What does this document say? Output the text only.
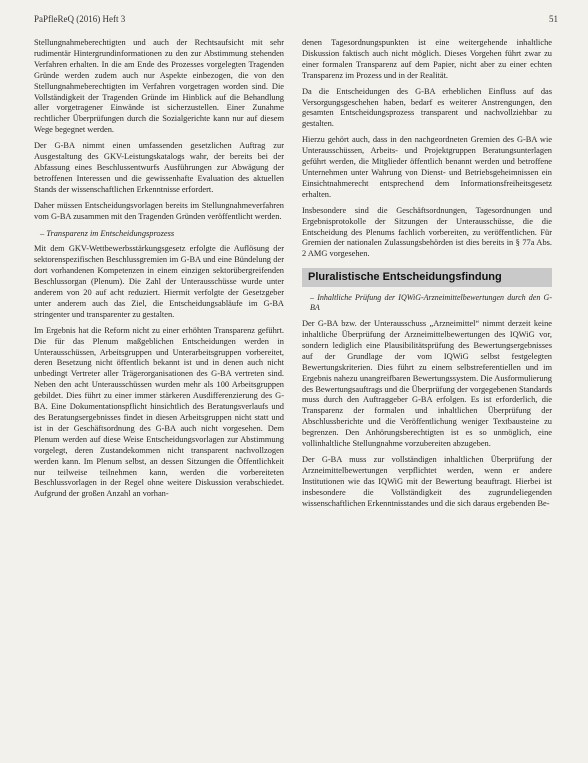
PaPfleReQ (2016) Heft 3	51

Stellungnahmeberechtigten und auch der Rechtsaufsicht mit sehr rudimentär Hintergrundinformationen zu den zur Abstimmung stehenden Verfahren erhalten. In die am Ende des Prozesses vorgelegten Tragenden Gründe werden zudem auch nur Aspekte einbezogen, die von den Stellungnahmeberechtigten im Verfahren vorgetragen worden sind. Die Vollständigkeit der Tragenden Gründe im Hinblick auf die Behandlung aller vorgetragener Einwände ist sicherzustellen. Einer Zunahme rechtlicher Überprüfungen durch die Sozialgerichte kann nur auf diesem Wege begegnet werden.

Der G-BA nimmt einen umfassenden gesetzlichen Auftrag zur Ausgestaltung des GKV-Leistungskatalogs wahr, der bereits bei der Abfassung eines Beschlussentwurfs Ausführungen zur Abwägung der betroffenen Interessen und die gewissenhafte Evaluation des aktuellen Stands der wissenschaftlichen Erkenntnisse erfordert.

Daher müssen Entscheidungsvorlagen bereits im Stellungnahmeverfahren vom G-BA zusammen mit den Tragenden Gründen veröffentlicht werden.

– Transparenz im Entscheidungsprozess

Mit dem GKV-Wettbewerbsstärkungsgesetz erfolgte die Auflösung der sektorenspezifischen Beschlussgremien im G-BA und eine Bündelung der dort vorhandenen Kompetenzen in einem einzigen sektorübergreifenden Beschlussorgan (Plenum). Die Zahl der Unterausschüsse wurde unter anderem von 20 auf acht reduziert. Hiermit verfolgte der Gesetzgeber unter anderem auch das Ziel, die Entscheidungsabläufe im G-BA stringenter und transparenter zu gestalten.

Im Ergebnis hat die Reform nicht zu einer erhöhten Transparenz geführt. Die für das Plenum maßgeblichen Entscheidungen werden in Unterausschüssen, Arbeitsgruppen und Unterarbeitsgruppen vorbereitet, deren Besetzung nicht öffentlich bekannt ist und in denen auch nicht unbedingt Vertreter aller Trägerorganisationen des G-BA vertreten sind. Neben den acht Unterausschüssen wurden mehr als 100 Arbeitsgruppen gebildet. Dies führt zu einer immer stärkeren Ausdifferenzierung des G-BA. Eine Dokumentationspflicht hinsichtlich des Beratungsverlaufs und des Beratungsergebnisses findet in diesen Arbeitsgruppen nicht statt und ist in der Geschäftsordnung des G-BA auch nicht vorgesehen. Dem Plenum werden auf diese Weise Entscheidungsvorlagen zur Abstimmung vorgelegt, deren Zustandekommen nicht transparent nachvollzogen werden kann. Im Plenum selbst, an dessen Sitzungen die Öffentlichkeit nur teilweise teilnehmen kann, werden die vorbereiteten Beschlussvorlagen in der Regel ohne weitere Diskussion verabschiedet. Aufgrund der großen Anzahl an vorhan-

denen Tagesordnungspunkten ist eine weitergehende inhaltliche Diskussion faktisch auch nicht möglich. Dieses Vorgehen führt zwar zu einer formalen Transparenz auf dem Papier, nicht aber zu einer echten Transparenz im Prozess und in der Realität.

Da die Entscheidungen des G-BA erheblichen Einfluss auf das Versorgungsgeschehen haben, bedarf es weiterer Anstrengungen, den gesamten Entscheidungsprozess transparent und nachvollziehbar zu gestalten.

Hierzu gehört auch, dass in den nachgeordneten Gremien des G-BA wie Unterausschüssen, Arbeits- und Projektgruppen Beratungsunterlagen geführt werden, die Mitglieder öffentlich benannt werden und betroffene Unternehmen unter Wahrung von Dienst- und Betriebsgeheimnissen ein Einsichtnahmerecht entsprechend dem Informationsfreiheitsgesetz erhalten.

Insbesondere sind die Geschäftsordnungen, Tagesordnungen und Ergebnisprotokolle der Sitzungen der Unterausschüsse, die die Entscheidung des Plenums fachlich vorbereiten, zu veröffentlichen. Für Gremien der nationalen Zulassungsbehörden ist dies bereits in § 77a Abs. 2 AMG vorgesehen.

Pluralistische Entscheidungsfindung
– Inhaltliche Prüfung der IQWiG-Arzneimittelbewertungen durch den G-BA

Der G-BA bzw. der Unterausschuss „Arzneimittel“ nimmt derzeit keine inhaltliche Überprüfung der Arzneimittelbewertungen des IQWiG vor, sondern lediglich eine Plausibilitätsprüfung des Bewertungsergebnisses auf der Grundlage der vom IQWiG selbst festgelegten Bewertungskriterien. Dies führt zu einem selbstreferentiellen und im Ergebnis nahezu unangreifbaren Bewertungssystem. Die Ausformulierung des Bewertungsauftrags und die Überprüfung der vorgegebenen Standards muss durch den Auftraggeber G-BA erfolgen. Es ist erforderlich, die Transparenz der formalen und inhaltlichen Überprüfung der Abschlussberichte und die Veröffentlichung weniger Textbausteine zu begrenzen. Den Anhörungsberechtigten ist es so unmöglich, eine vollinhaltliche Stellungnahme vorzubereiten abzugeben.

Der G-BA muss zur vollständigen inhaltlichen Überprüfung der Arzneimittelbewertungen verpflichtet werden, wenn er andere Institutionen wie das IQWiG mit der Bewertung beauftragt. Hierbei ist insbesondere die Vollständigkeit des zugrundeliegenden wissenschaftlichen Erkenntnisstandes und die sich daraus ergebenden Be-
